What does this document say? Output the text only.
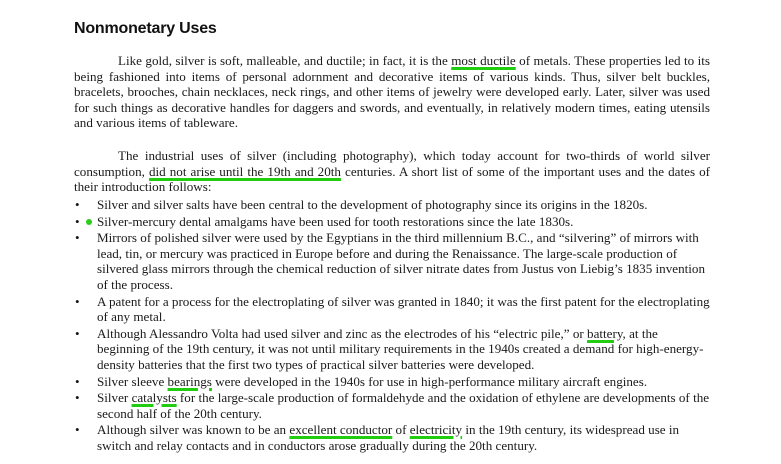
Nonmonetary Uses

Like gold, silver is soft, malleable, and ductile; in fact, it is the most ductile of metals. These properties led to its being fashioned into items of personal adornment and decorative items of various kinds. Thus, silver belt buckles, bracelets, brooches, chain necklaces, neck rings, and other items of jewelry were developed early. Later, silver was used for such things as decorative handles for daggers and swords, and eventually, in relatively modern times, eating utensils and various items of tableware.

The industrial uses of silver (including photography), which today account for two-thirds of world silver consumption, did not arise until the 19th and 20th centuries. A short list of some of the important uses and the dates of their introduction follows:

• Silver and silver salts have been central to the development of photography since its origins in the 1820s.
• Silver-mercury dental amalgams have been used for tooth restorations since the late 1830s.
• Mirrors of polished silver were used by the Egyptians in the third millennium B.C., and “silvering” of mirrors with lead, tin, or mercury was practiced in Europe before and during the Renaissance. The large-scale production of silvered glass mirrors through the chemical reduction of silver nitrate dates from Justus von Liebig’s 1835 invention of the process.
• A patent for a process for the electroplating of silver was granted in 1840; it was the first patent for the electroplating of any metal.
• Although Alessandro Volta had used silver and zinc as the electrodes of his “electric pile,” or battery, at the beginning of the 19th century, it was not until military requirements in the 1940s created a demand for high-energy-density batteries that the first two types of practical silver batteries were developed.
• Silver sleeve bearings were developed in the 1940s for use in high-performance military aircraft engines.
• Silver catalysts for the large-scale production of formaldehyde and the oxidation of ethylene are developments of the second half of the 20th century.
• Although silver was known to be an excellent conductor of electricity in the 19th century, its widespread use in switch and relay contacts and in conductors arose gradually during the 20th century.
